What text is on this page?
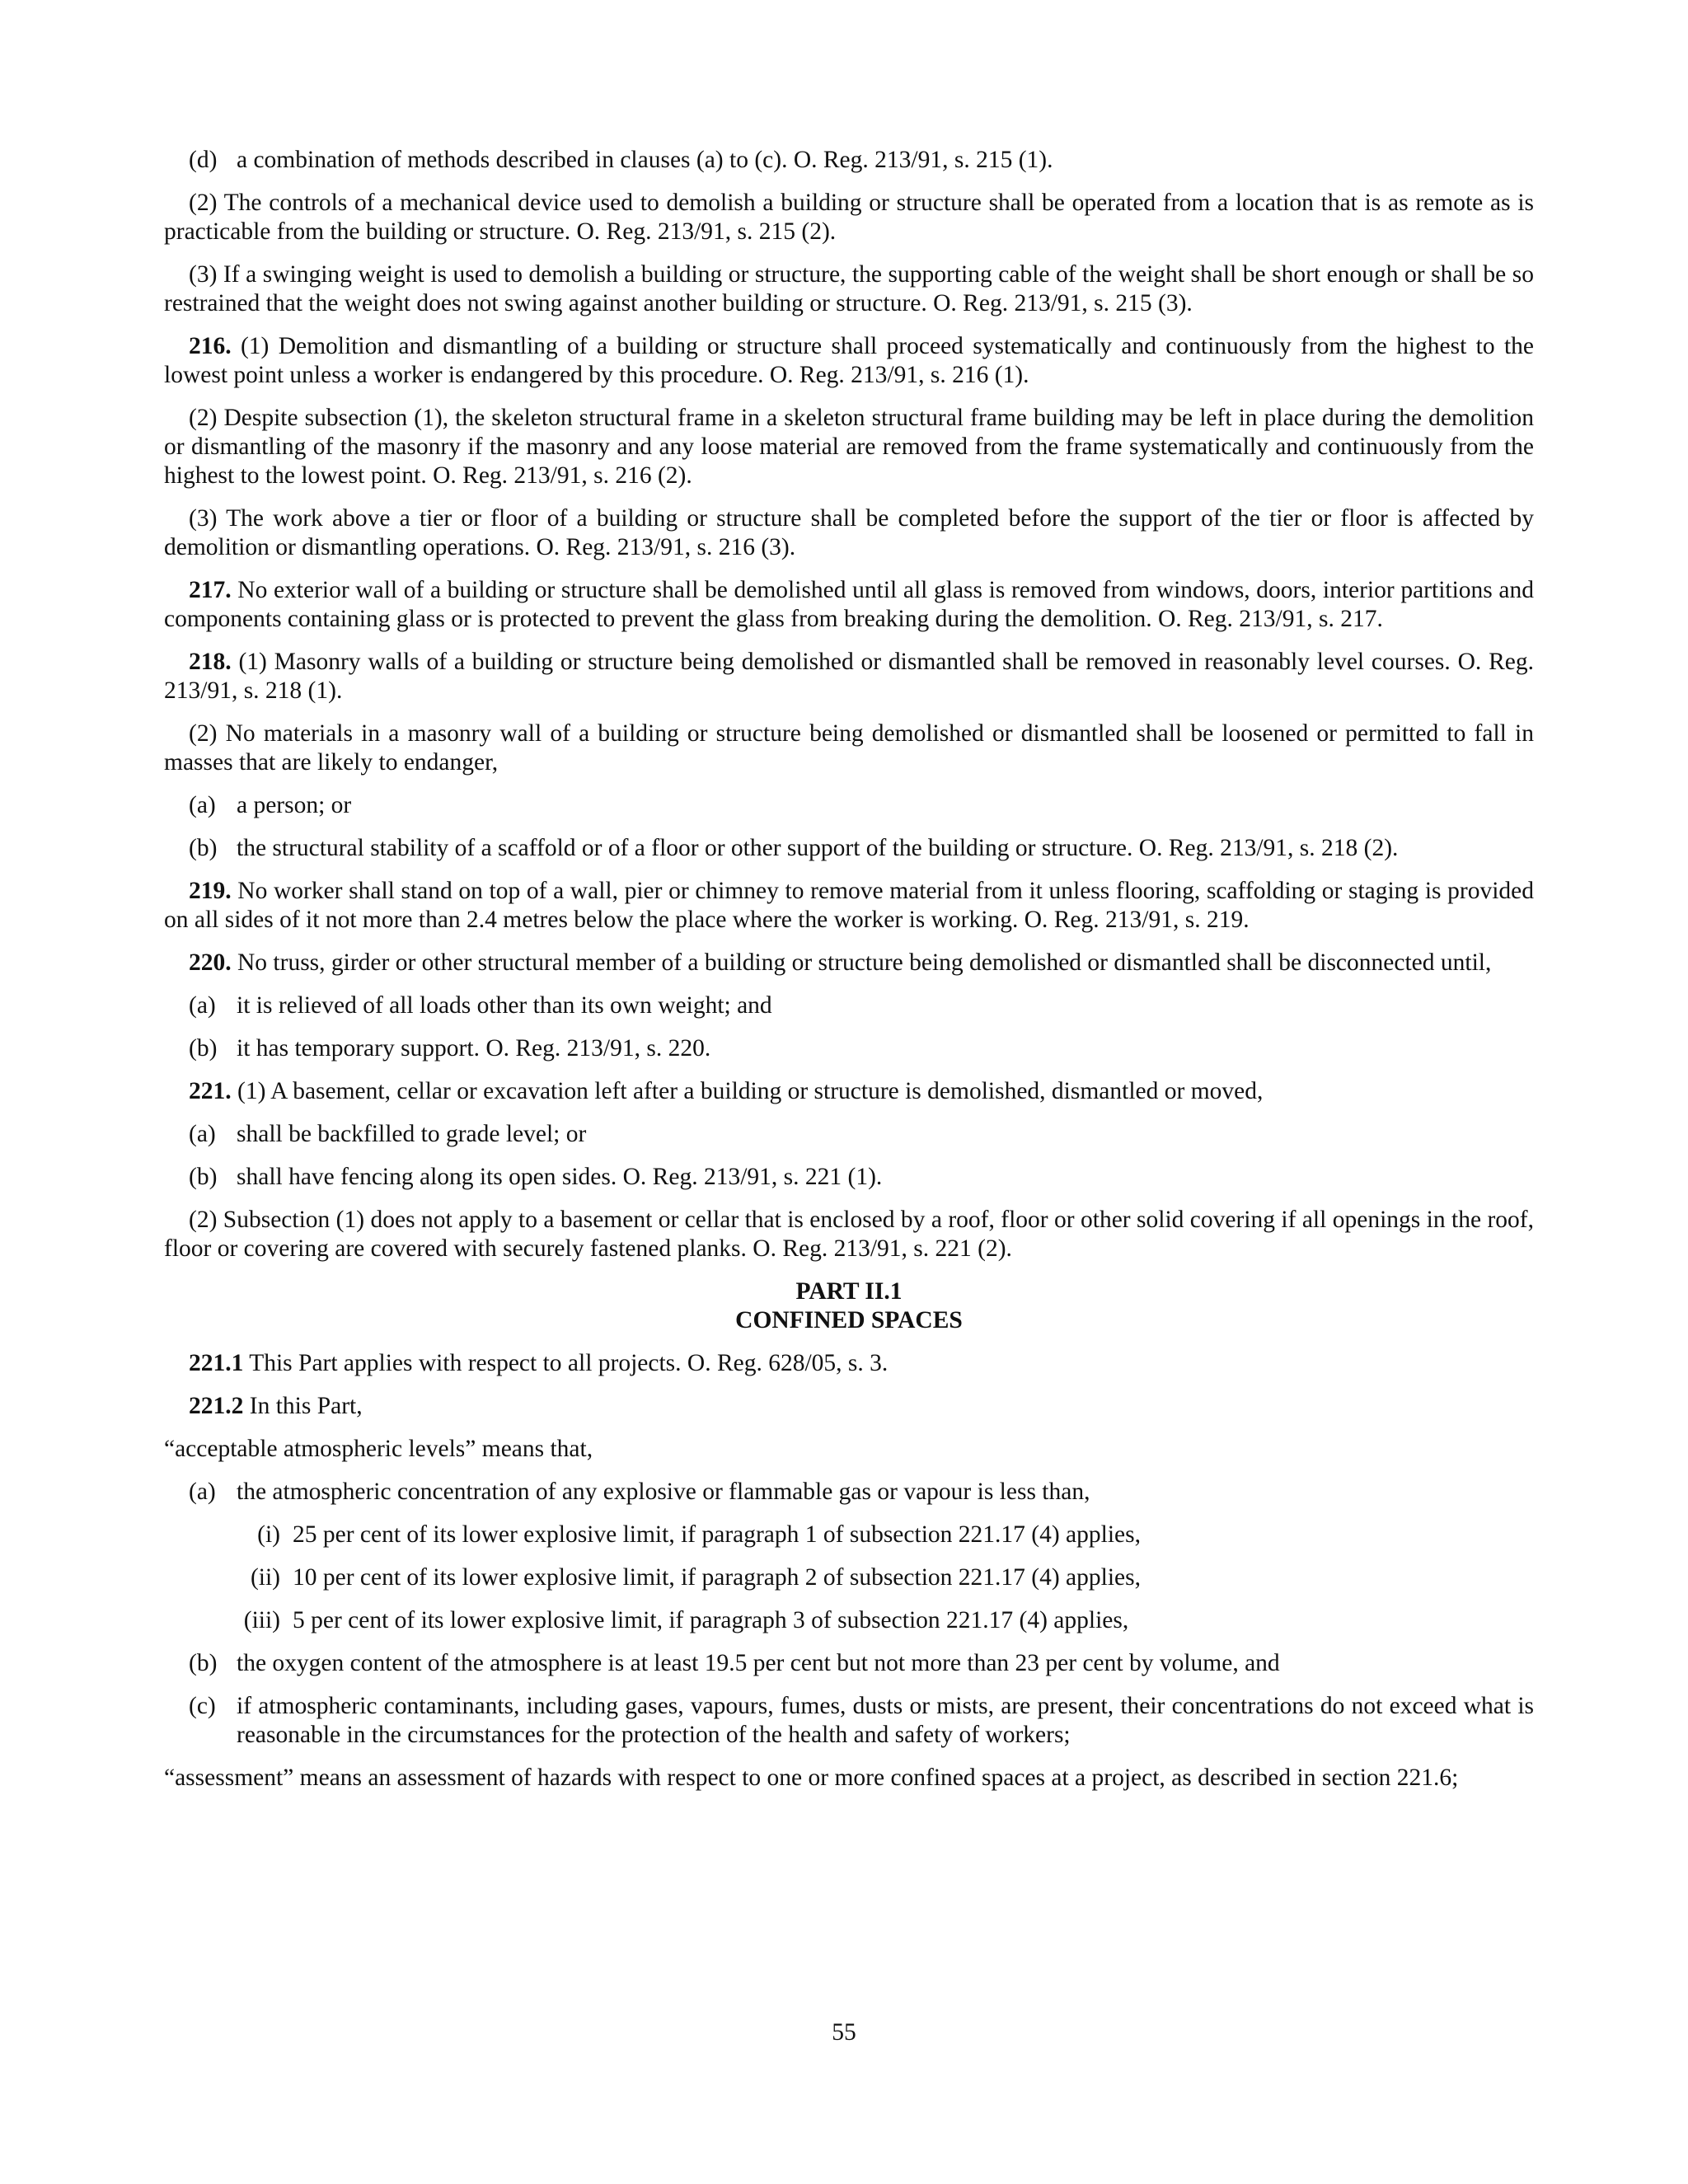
(d) a combination of methods described in clauses (a) to (c). O. Reg. 213/91, s. 215 (1).

(2) The controls of a mechanical device used to demolish a building or structure shall be operated from a location that is as remote as is practicable from the building or structure. O. Reg. 213/91, s. 215 (2).

(3) If a swinging weight is used to demolish a building or structure, the supporting cable of the weight shall be short enough or shall be so restrained that the weight does not swing against another building or structure. O. Reg. 213/91, s. 215 (3).

216. (1) Demolition and dismantling of a building or structure shall proceed systematically and continuously from the highest to the lowest point unless a worker is endangered by this procedure. O. Reg. 213/91, s. 216 (1).

(2) Despite subsection (1), the skeleton structural frame in a skeleton structural frame building may be left in place during the demolition or dismantling of the masonry if the masonry and any loose material are removed from the frame systematically and continuously from the highest to the lowest point. O. Reg. 213/91, s. 216 (2).

(3) The work above a tier or floor of a building or structure shall be completed before the support of the tier or floor is affected by demolition or dismantling operations. O. Reg. 213/91, s. 216 (3).

217. No exterior wall of a building or structure shall be demolished until all glass is removed from windows, doors, interior partitions and components containing glass or is protected to prevent the glass from breaking during the demolition. O. Reg. 213/91, s. 217.

218. (1) Masonry walls of a building or structure being demolished or dismantled shall be removed in reasonably level courses. O. Reg. 213/91, s. 218 (1).

(2) No materials in a masonry wall of a building or structure being demolished or dismantled shall be loosened or permitted to fall in masses that are likely to endanger,

(a) a person; or
(b) the structural stability of a scaffold or of a floor or other support of the building or structure. O. Reg. 213/91, s. 218 (2).

219. No worker shall stand on top of a wall, pier or chimney to remove material from it unless flooring, scaffolding or staging is provided on all sides of it not more than 2.4 metres below the place where the worker is working. O. Reg. 213/91, s. 219.

220. No truss, girder or other structural member of a building or structure being demolished or dismantled shall be disconnected until,

(a) it is relieved of all loads other than its own weight; and
(b) it has temporary support. O. Reg. 213/91, s. 220.

221. (1) A basement, cellar or excavation left after a building or structure is demolished, dismantled or moved,

(a) shall be backfilled to grade level; or
(b) shall have fencing along its open sides. O. Reg. 213/91, s. 221 (1).

(2) Subsection (1) does not apply to a basement or cellar that is enclosed by a roof, floor or other solid covering if all openings in the roof, floor or covering are covered with securely fastened planks. O. Reg. 213/91, s. 221 (2).

PART II.1
CONFINED SPACES

221.1 This Part applies with respect to all projects. O. Reg. 628/05, s. 3.

221.2 In this Part,

“acceptable atmospheric levels” means that,

(a) the atmospheric concentration of any explosive or flammable gas or vapour is less than,
(i) 25 per cent of its lower explosive limit, if paragraph 1 of subsection 221.17 (4) applies,
(ii) 10 per cent of its lower explosive limit, if paragraph 2 of subsection 221.17 (4) applies,
(iii) 5 per cent of its lower explosive limit, if paragraph 3 of subsection 221.17 (4) applies,
(b) the oxygen content of the atmosphere is at least 19.5 per cent but not more than 23 per cent by volume, and
(c) if atmospheric contaminants, including gases, vapours, fumes, dusts or mists, are present, their concentrations do not exceed what is reasonable in the circumstances for the protection of the health and safety of workers;

“assessment” means an assessment of hazards with respect to one or more confined spaces at a project, as described in section 221.6;

55
